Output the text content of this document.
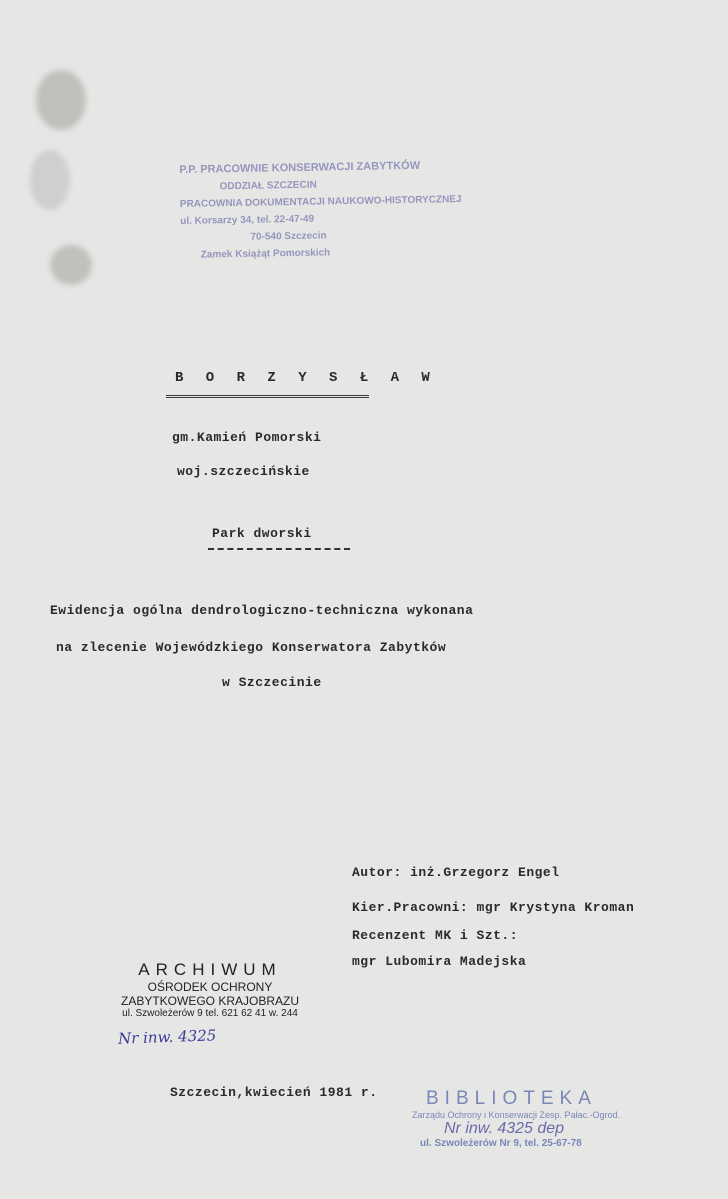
P.P. PRACOWNIE KONSERWACJI ZABYTKÓW
ODDZIAŁ SZCZECIN
PRACOWNIA DOKUMENTACJI NAUKOWO-HISTORYCZNEJ
ul. Korsarzy 34, tel. 22-47-49
70-540 Szczecin
Zamek Książąt Pomorskich
B O R Z Y S Ł A W
gm.Kamień Pomorski
woj.szczecińskie
Park dworski
Ewidencja ogólna dendrologiczno-techniczna wykonana
na zlecenie Wojewódzkiego Konserwatora Zabytków
w Szczecinie
Autor: inż.Grzegorz Engel
Kier.Pracowni: mgr Krystyna Kroman
Recenzent MK i Szt.:
mgr Lubomira Madejska
ARCHIWUM
OŚRODEK OCHRONY
ZABYTKOWEGO KRAJOBRAZU
ul. Szwoleżerów 9 tel. 621 62 41 w. 244
Nr inw. 4325
Szczecin,kwiecień 1981 r.	BIBLIOTEKA
Zarządu Ochrony i Konserwacji Zesp. Pałac.-Ogrod.
Nr inw. 4325 dep
ul. Szwoleżerów Nr 9, tel. 25-67-78
